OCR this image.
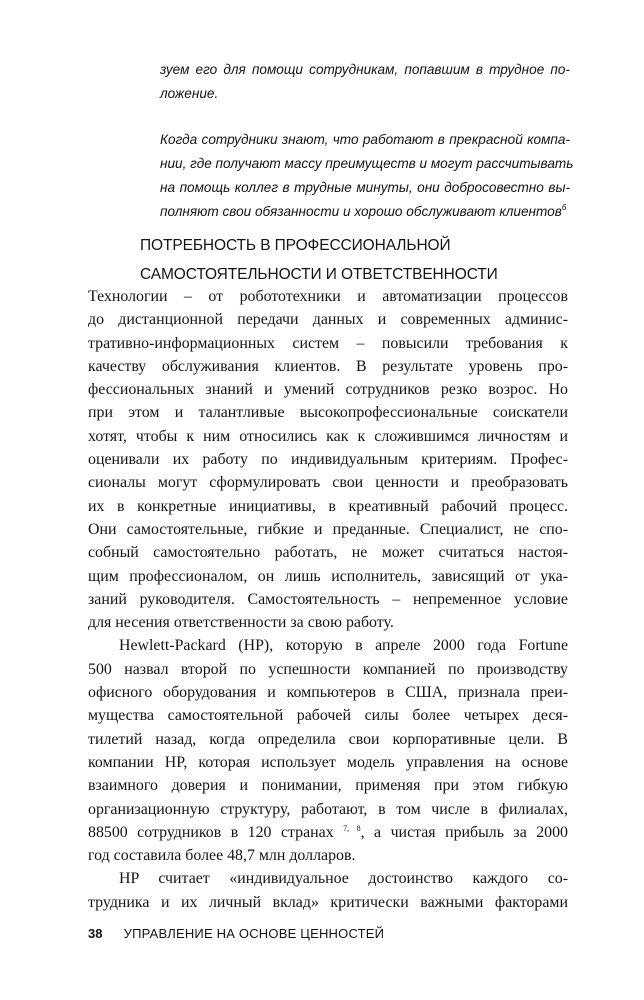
зуем его для помощи сотрудникам, попавшим в трудное по-
ложение.
Когда сотрудники знают, что работают в прекрасной компа-
нии, где получают массу преимуществ и могут рассчитывать
на помощь коллег в трудные минуты, они добросовестно вы-
полняют свои обязанности и хорошо обслуживают клиентов$^6$
ПОТРЕБНОСТЬ В ПРОФЕССИОНАЛЬНОЙ
САМОСТОЯТЕЛЬНОСТИ И ОТВЕТСТВЕННОСТИ
Технологии – от робототехники и автоматизации процессов
до дистанционной передачи данных и современных админис-
тративно-информационных систем – повысили требования к
качеству обслуживания клиентов. В результате уровень про-
фессиональных знаний и умений сотрудников резко возрос. Но
при этом и талантливые высокопрофессиональные соискатели
хотят, чтобы к ним относились как к сложившимся личностям и
оценивали их работу по индивидуальным критериям. Профес-
сионалы могут сформулировать свои ценности и преобразовать
их в конкретные инициативы, в креативный рабочий процесс.
Они самостоятельные, гибкие и преданные. Специалист, не спо-
собный самостоятельно работать, не может считаться настоя-
щим профессионалом, он лишь исполнитель, зависящий от ука-
заний руководителя. Самостоятельность – непременное условие
для несения ответственности за свою работу.
Hewlett-Packard (HP), которую в апреле 2000 года Fortune
500 назвал второй по успешности компанией по производству
офисного оборудования и компьютеров в США, признала преи-
мущества самостоятельной рабочей силы более четырех деся-
тилетий назад, когда определила свои корпоративные цели. В
компании HP, которая использует модель управления на основе
взаимного доверия и понимании, применяя при этом гибкую
организационную структуру, работают, в том числе в филиалах,
88500 сотрудников в 120 странах $^{7, 8}$, а чистая прибыль за 2000
год составила более 48,7 млн долларов.
HP считает «индивидуальное достоинство каждого со-
трудника и их личный вклад» критически важными факторами
38 УПРАВЛЕНИЕ НА ОСНОВЕ ЦЕННОСТЕЙ
